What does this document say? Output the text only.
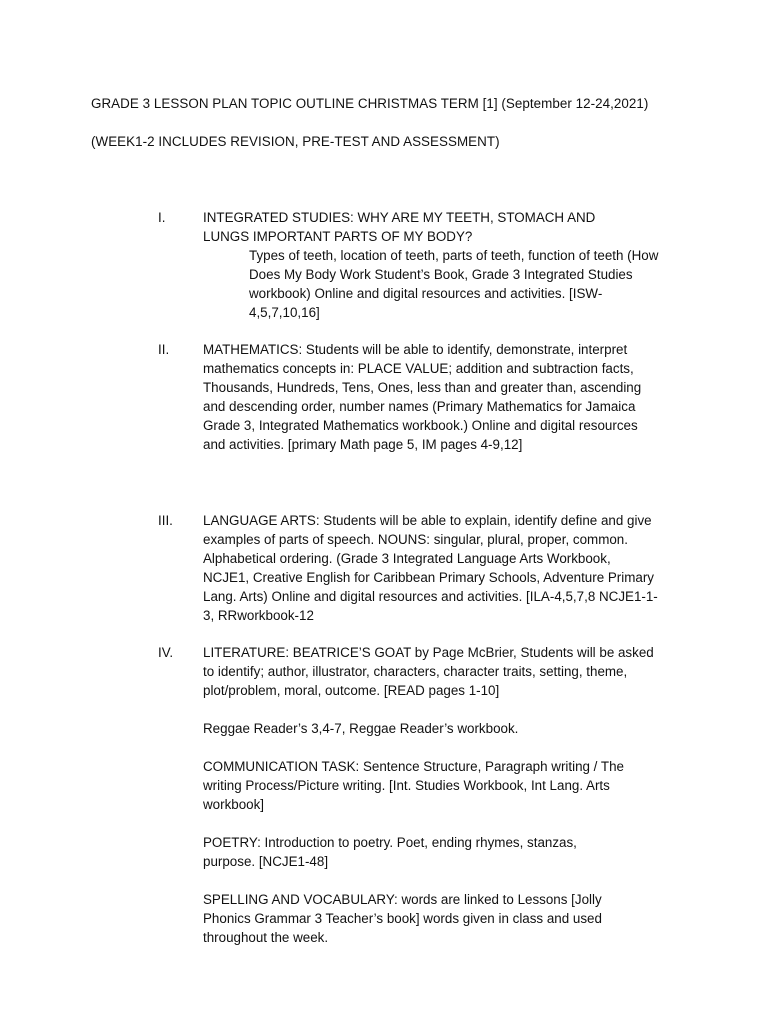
GRADE 3 LESSON PLAN TOPIC OUTLINE CHRISTMAS TERM [1] (September 12-24,2021)
(WEEK1-2 INCLUDES REVISION, PRE-TEST AND ASSESSMENT)
I.	INTEGRATED STUDIES: WHY ARE MY TEETH, STOMACH AND LUNGS IMPORTANT PARTS OF MY BODY?

Types of teeth, location of teeth, parts of teeth, function of teeth (How Does My Body Work Student’s Book, Grade 3 Integrated Studies workbook) Online and digital resources and activities. [ISW-4,5,7,10,16]

II.	MATHEMATICS: Students will be able to identify, demonstrate, interpret mathematics concepts in: PLACE VALUE; addition and subtraction facts, Thousands, Hundreds, Tens, Ones, less than and greater than, ascending and descending order, number names (Primary Mathematics for Jamaica Grade 3, Integrated Mathematics workbook.) Online and digital resources and activities. [primary Math page 5, IM pages 4-9,12]

III.	LANGUAGE ARTS: Students will be able to explain, identify define and give examples of parts of speech. NOUNS: singular, plural, proper, common. Alphabetical ordering. (Grade 3 Integrated Language Arts Workbook, NCJE1, Creative English for Caribbean Primary Schools, Adventure Primary Lang. Arts) Online and digital resources and activities. [ILA-4,5,7,8 NCJE1-1-3, RRworkbook-12

IV.	LITERATURE: BEATRICE’S GOAT by Page McBrier, Students will be asked to identify; author, illustrator, characters, character traits, setting, theme, plot/problem, moral, outcome. [READ pages 1-10]

Reggae Reader’s 3,4-7, Reggae Reader’s workbook.

COMMUNICATION TASK: Sentence Structure, Paragraph writing / The writing Process/Picture writing. [Int. Studies Workbook, Int Lang. Arts workbook]

POETRY: Introduction to poetry. Poet, ending rhymes, stanzas, purpose. [NCJE1-48]

SPELLING AND VOCABULARY: words are linked to Lessons [Jolly Phonics Grammar 3 Teacher’s book] words given in class and used throughout the week.
